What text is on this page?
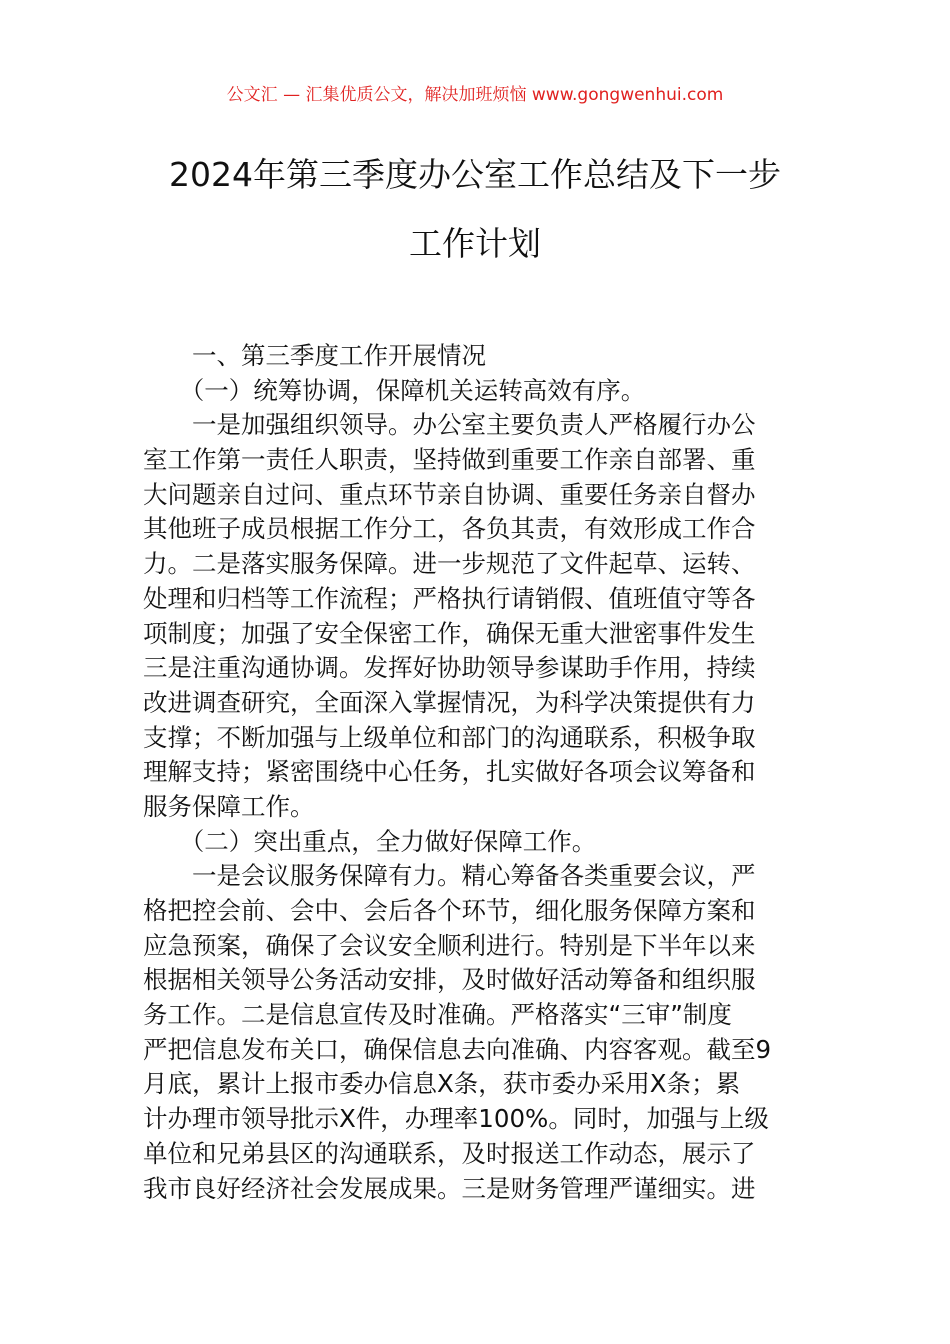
公文汇 — 汇集优质公文，解决加班烦恼 www.gongwenhui.com
2024年第三季度办公室工作总结及下一步
工作计划
　　一、第三季度工作开展情况
　　（一）统筹协调，保障机关运转高效有序。
　　一是加强组织领导。办公室主要负责人严格履行办公
室工作第一责任人职责，坚持做到重要工作亲自部署、重
大问题亲自过问、重点环节亲自协调、重要任务亲自督办
其他班子成员根据工作分工，各负其责，有效形成工作合
力。二是落实服务保障。进一步规范了文件起草、运转、
处理和归档等工作流程；严格执行请销假、值班值守等各
项制度；加强了安全保密工作，确保无重大泄密事件发生
三是注重沟通协调。发挥好协助领导参谋助手作用，持续
改进调查研究，全面深入掌握情况，为科学决策提供有力
支撑；不断加强与上级单位和部门的沟通联系，积极争取
理解支持；紧密围绕中心任务，扎实做好各项会议筹备和
服务保障工作。
　　（二）突出重点，全力做好保障工作。
　　一是会议服务保障有力。精心筹备各类重要会议，严
格把控会前、会中、会后各个环节，细化服务保障方案和
应急预案，确保了会议安全顺利进行。特别是下半年以来
根据相关领导公务活动安排，及时做好活动筹备和组织服
务工作。二是信息宣传及时准确。严格落实“三审”制度
严把信息发布关口，确保信息去向准确、内容客观。截至9
月底，累计上报市委办信息X条，获市委办采用X条；累
计办理市领导批示X件，办理率100%。同时，加强与上级
单位和兄弟县区的沟通联系，及时报送工作动态，展示了
我市良好经济社会发展成果。三是财务管理严谨细实。进
